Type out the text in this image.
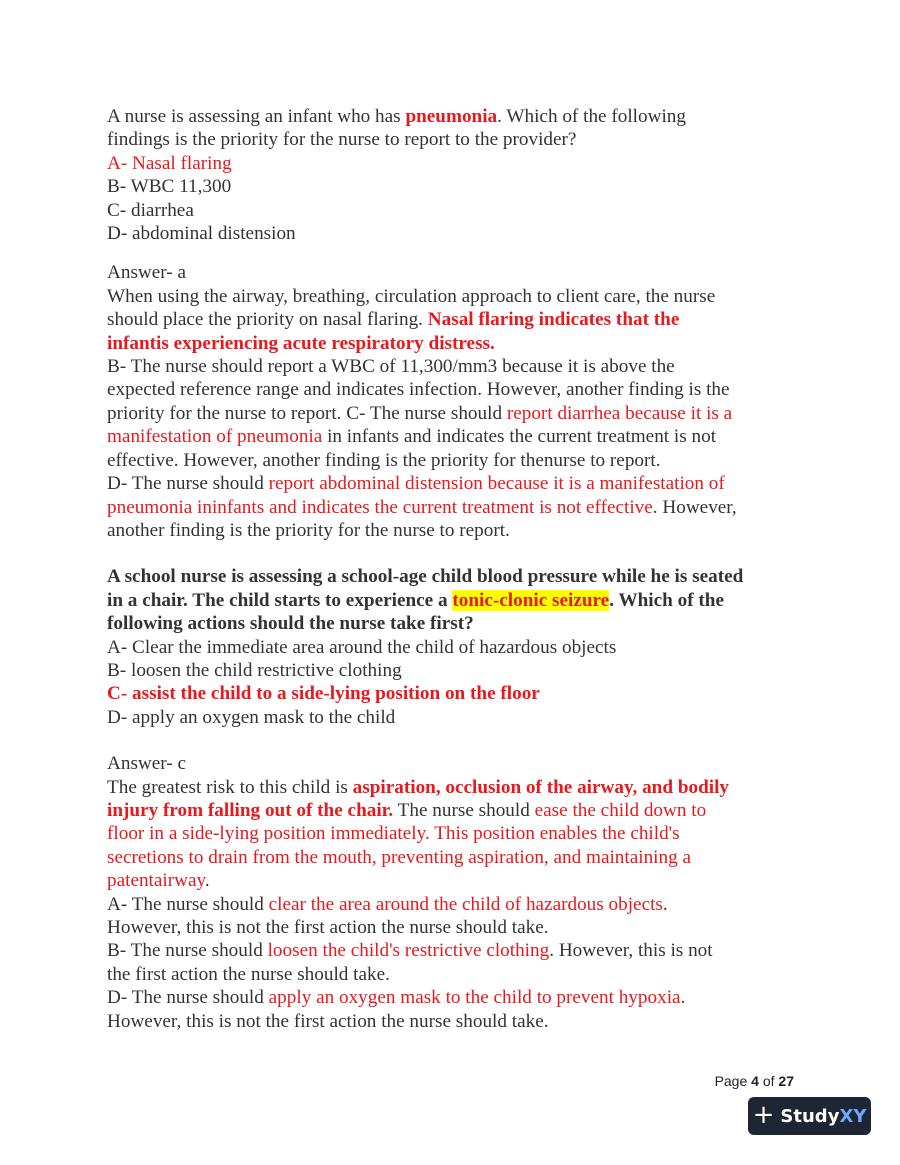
A nurse is assessing an infant who has pneumonia. Which of the following
findings is the priority for the nurse to report to the provider?
A- Nasal flaring
B- WBC 11,300
C- diarrhea
D- abdominal distension
Answer- a
When using the airway, breathing, circulation approach to client care, the nurse
should place the priority on nasal flaring. Nasal flaring indicates that the
infantis experiencing acute respiratory distress.
B- The nurse should report a WBC of 11,300/mm3 because it is above the
expected reference range and indicates infection. However, another finding is the
priority for the nurse to report. C- The nurse should report diarrhea because it is a
manifestation of pneumonia in infants and indicates the current treatment is not
effective. However, another finding is the priority for thenurse to report.
D- The nurse should report abdominal distension because it is a manifestation of
pneumonia ininfants and indicates the current treatment is not effective. However,
another finding is the priority for the nurse to report.
A school nurse is assessing a school-age child blood pressure while he is seated
in a chair. The child starts to experience a tonic-clonic seizure. Which of the
following actions should the nurse take first?
A- Clear the immediate area around the child of hazardous objects
B- loosen the child restrictive clothing
C- assist the child to a side-lying position on the floor
D- apply an oxygen mask to the child
Answer- c
The greatest risk to this child is aspiration, occlusion of the airway, and bodily
injury from falling out of the chair. The nurse should ease the child down to
floor in a side-lying position immediately. This position enables the child's
secretions to drain from the mouth, preventing aspiration, and maintaining a
patentairway.
A- The nurse should clear the area around the child of hazardous objects.
However, this is not the first action the nurse should take.
B- The nurse should loosen the child's restrictive clothing. However, this is not
the first action the nurse should take.
D- The nurse should apply an oxygen mask to the child to prevent hypoxia.
However, this is not the first action the nurse should take.
Page 4 of 27
+ StudyXY
